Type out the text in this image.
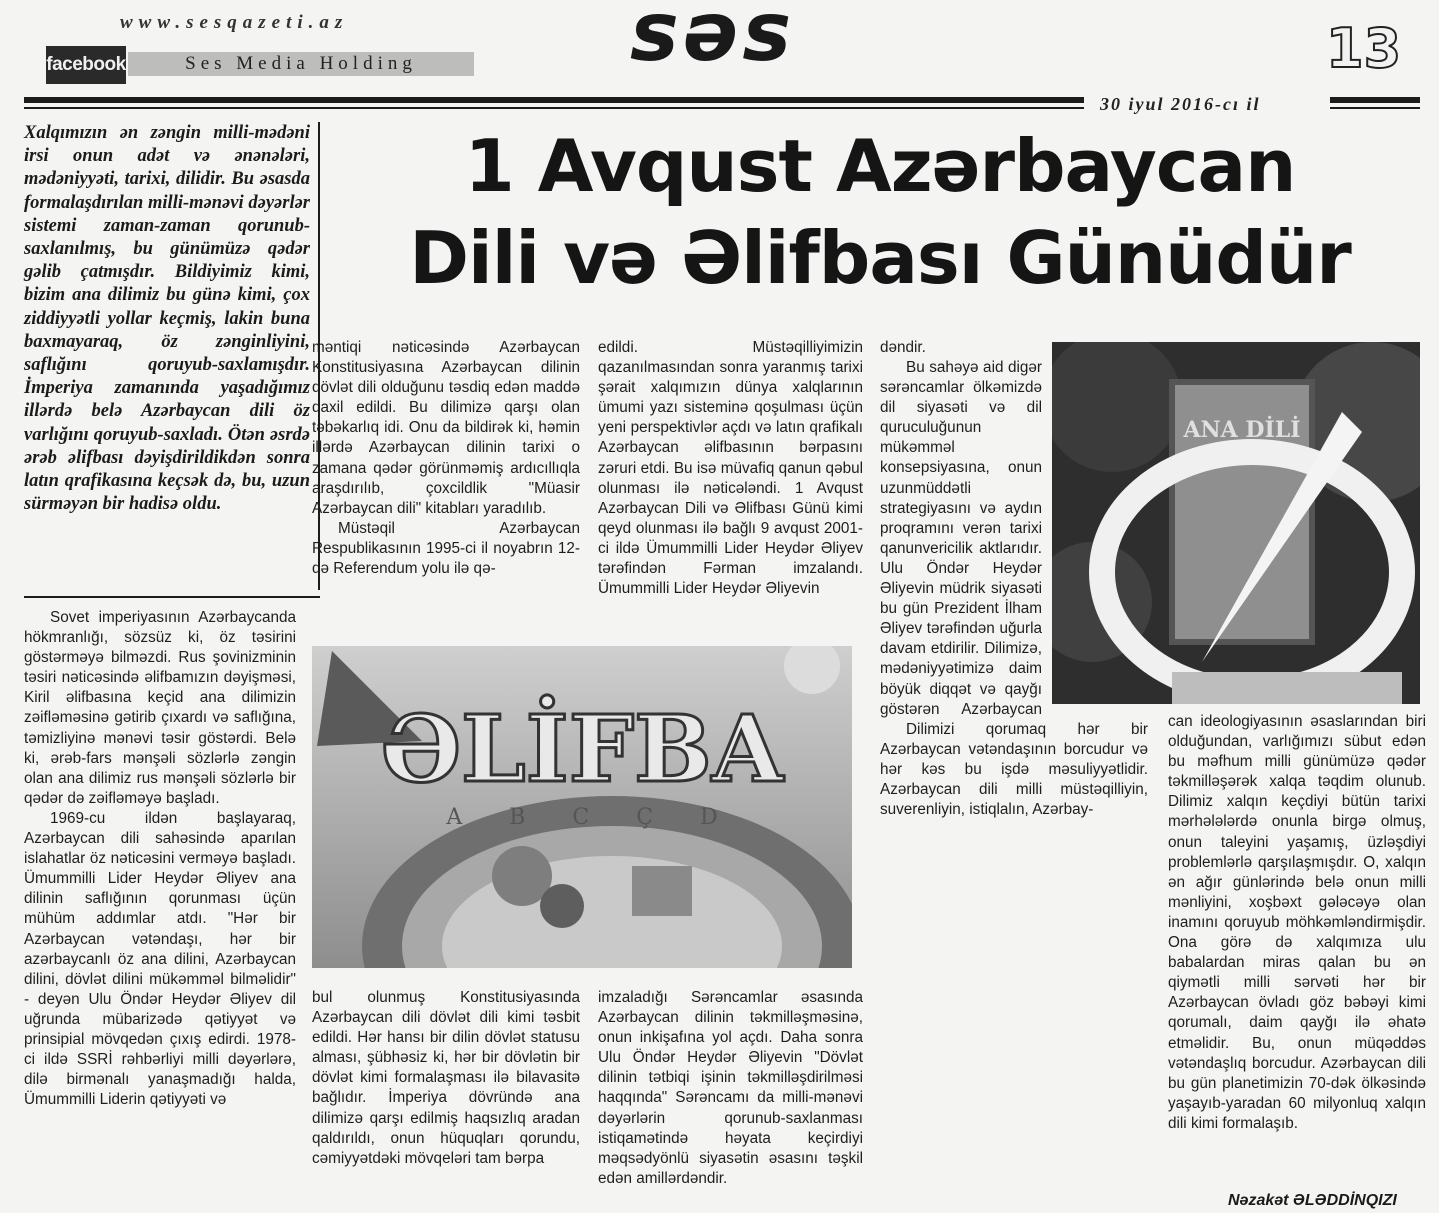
www.sesqazeti.az
facebook	Ses Media Holding	səs	13
30 iyul 2016-cı il
1 Avqust Azərbaycan
Dili və Əlifbası Günüdür

Xalqımızın ən zəngin milli-mədəni irsi onun adət və ənənələri, mədəniyyəti, tarixi, dilidir. Bu əsasda formalaşdırılan milli-mənəvi dəyərlər sistemi zaman-zaman qorunub-saxlanılmış, bu günümüzə qədər gəlib çatmışdır. Bildiyimiz kimi, bizim ana dilimiz bu günə kimi, çox ziddiyyətli yollar keçmiş, lakin buna baxmayaraq, öz zənginliyini, saflığını qoruyub-saxlamışdır. İmperiya zamanında yaşadığımız illərdə belə Azərbaycan dili öz varlığını qoruyub-saxladı. Ötən əsrdə ərəb əlifbası dəyişdirildikdən sonra latın qrafikasına keçsək də, bu, uzun sürməyən bir hadisə oldu.

Sovet imperiyasının Azərbaycanda hökmranlığı, sözsüz ki, öz təsirini göstərməyə bilməzdi. Rus şovinizminin təsiri nəticəsində əlifbamızın dəyişməsi, Kiril əlifbasına keçid ana dilimizin zəifləməsinə gətirib çıxardı və saflığına, təmizliyinə mənəvi təsir göstərdi. Belə ki, ərəb-fars mənşəli sözlərlə zəngin olan ana dilimiz rus mənşəli sözlərlə bir qədər də zəifləməyə başladı.

1969-cu ildən başlayaraq, Azərbaycan dili sahəsində aparılan islahatlar öz nəticəsini verməyə başladı. Ümummilli Lider Heydər Əliyev ana dilinin saflığının qorunması üçün mühüm addımlar atdı. "Hər bir Azərbaycan vətəndaşı, hər bir azərbaycanlı öz ana dilini, Azərbaycan dilini, dövlət dilini mükəmməl bilməlidir" - deyən Ulu Öndər Heydər Əliyev dil uğrunda mübarizədə qətiyyət və prinsipial mövqedən çıxış edirdi. 1978-ci ildə SSRİ rəhbərliyi milli dəyərlərə, dilə birmənalı yanaşmadığı halda, Ümummilli Liderin qətiyyəti və

məntiqi nəticəsində Azərbaycan Konstitusiyasına Azərbaycan dilinin dövlət dili olduğunu təsdiq edən maddə daxil edildi. Bu dilimizə qarşı olan təbəkarlıq idi. Onu da bildirək ki, həmin illərdə Azərbaycan dilinin tarixi o zamana qədər görünməmiş ardıcıllıqla araşdırılıb, çoxcildlik "Müasir Azərbaycan dili" kitabları yaradılıb.

Müstəqil Azərbaycan Respublikasının 1995-ci il noyabrın 12-də Referendum yolu ilə qə-

edildi. Müstəqilliyimizin qazanılmasından sonra yaranmış tarixi şərait xalqımızın dünya xalqlarının ümumi yazı sisteminə qoşulması üçün yeni perspektivlər açdı və latın qrafikalı Azərbaycan əlifbasının bərpasını zəruri etdi. Bu isə müvafiq qanun qəbul olunması ilə nəticələndi. 1 Avqust Azərbaycan Dili və Əlifbası Günü kimi qeyd olunması ilə bağlı 9 avqust 2001-ci ildə Ümummilli Lider Heydər Əliyev tərəfindən Fərman imzalandı. Ümummilli Lider Heydər Əliyevin

ƏLİFBA
A B C Ç D

bul olunmuş Konstitusiyasında Azərbaycan dili dövlət dili kimi təsbit edildi. Hər hansı bir dilin dövlət statusu alması, şübhəsiz ki, hər bir dövlətin bir dövlət kimi formalaşması ilə bilavasitə bağlıdır. İmperiya dövründə ana dilimizə qarşı edilmiş haqsızlıq aradan qaldırıldı, onun hüquqları qorundu, cəmiyyətdəki mövqeləri tam bərpa

imzaladığı Sərəncamlar əsasında Azərbaycan dilinin təkmilləşməsinə, onun inkişafına yol açdı. Daha sonra Ulu Öndər Heydər Əliyevin "Dövlət dilinin tətbiqi işinin təkmilləşdirilməsi haqqında" Sərəncamı da milli-mənəvi dəyərlərin qorunub-saxlanması istiqamətində həyata keçirdiyi məqsədyönlü siyasətin əsasını təşkil edən amillərdəndir.

dəndir.

Bu sahəyə aid digər sərəncamlar ölkəmizdə dil siyasəti və dil quruculuğunun mükəmməl konsepsiyasına, onun uzunmüddətli strategiyasını və aydın proqramını verən tarixi qanunvericilik aktlarıdır. Ulu Öndər Heydər Əliyevin müdrik siyasəti bu gün Prezident İlham Əliyev tərəfindən uğurla davam etdirilir. Dilimizə, mədəniyyətimizə daim böyük diqqət və qayğı göstərən Azərbaycan

Dilimizi qorumaq hər bir Azərbaycan vətəndaşının borcudur və hər kəs bu işdə məsuliyyətlidir. Azərbaycan dili milli müstəqilliyin, suverenliyin, istiqlalın, Azərbay-

ANA DİLİ

can ideologiyasının əsaslarından biri olduğundan, varlığımızı sübut edən bu məfhum milli günümüzə qədər təkmilləşərək xalqa təqdim olunub. Dilimiz xalqın keçdiyi bütün tarixi mərhələlərdə onunla birgə olmuş, onun taleyini yaşamış, üzləşdiyi problemlərlə qarşılaşmışdır. O, xalqın ən ağır günlərində belə onun milli mənliyini, xoşbəxt gələcəyə olan inamını qoruyub möhkəmləndirmişdir. Ona görə də xalqımıza ulu babalardan miras qalan bu ən qiymətli milli sərvəti hər bir Azərbaycan övladı göz bəbəyi kimi qorumalı, daim qayğı ilə əhatə etməlidir. Bu, onun müqəddəs vətəndaşlıq borcudur. Azərbaycan dili bu gün planetimizin 70-dək ölkəsində yaşayıb-yaradan 60 milyonluq xalqın dili kimi formalaşıb.

Nəzakət ƏLƏDDİNQIZI
